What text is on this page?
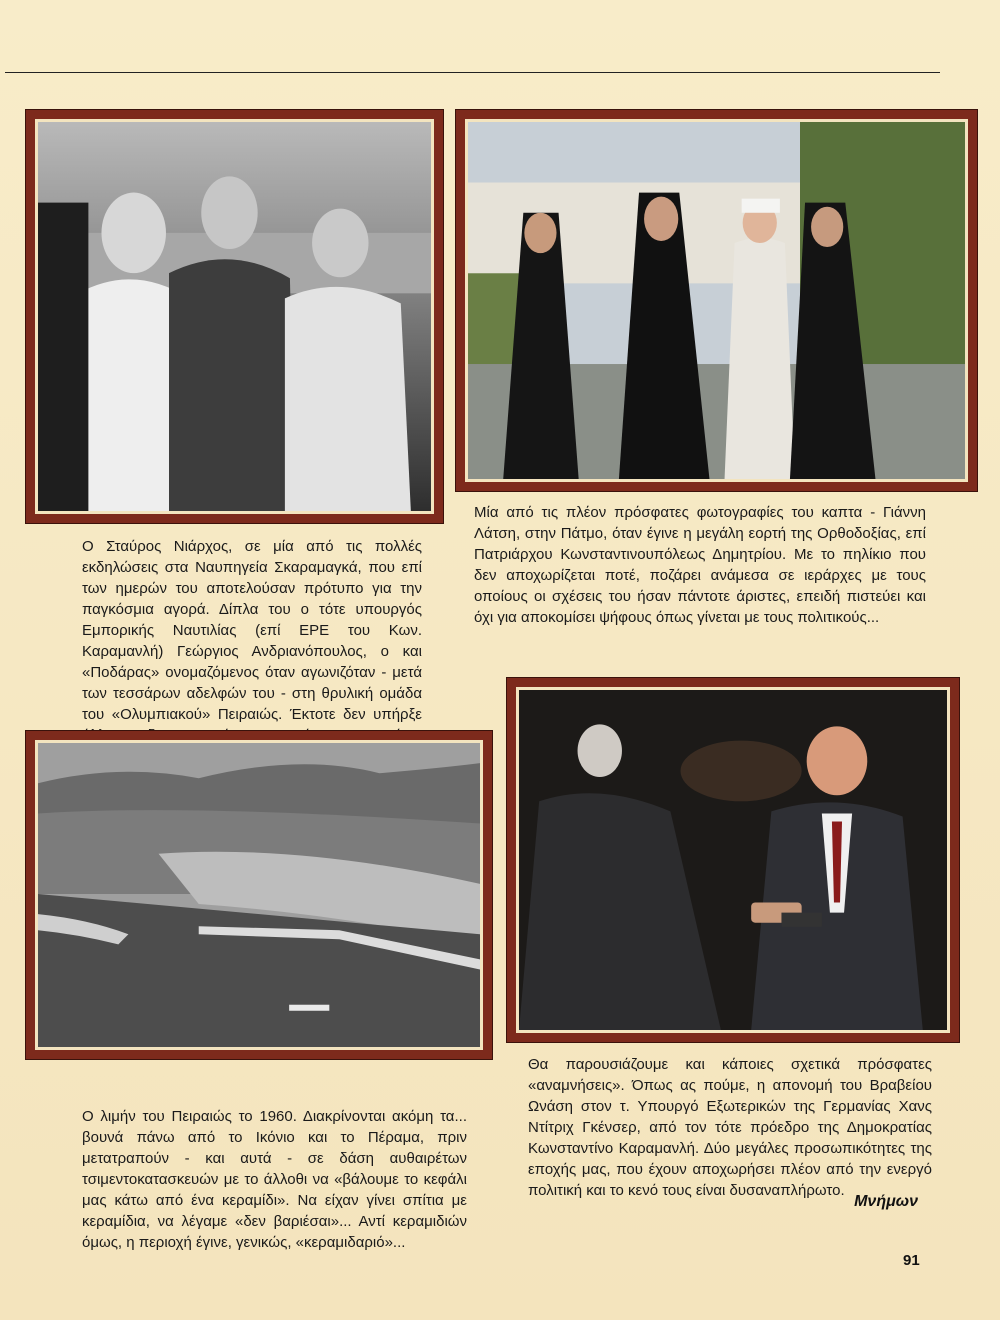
Ο Σταύρος Νιάρχος, σε μία από τις πολλές εκδηλώσεις στα Ναυπηγεία Σκαραμαγκά, που επί των ημερών του αποτελούσαν πρότυπο για την παγκόσμια αγορά. Δίπλα του ο τότε υπουργός Εμπορικής Ναυτιλίας (επί ΕΡΕ του Κων. Καραμανλή) Γεώργιος Ανδριανόπουλος, ο και «Ποδάρας» ονομαζόμενος όταν αγωνιζόταν - μετά των τεσσάρων αδελφών του - στη θρυλική ομάδα του «Ολυμπιακού» Πειραιώς. Έκτοτε δεν υπήρξε
Μία από τις πλέον πρόσφατες φωτογραφίες του καπτα - Γιάννη Λάτση, στην Πάτμο, όταν έγινε η μεγάλη εορτή της Ορθοδοξίας, επί Πατριάρχου Κωνσταντινουπόλεως Δημητρίου. Με το πηλίκιο που δεν αποχωρίζεται ποτέ, ποζάρει ανάμεσα σε ιεράρχες με τους οποίους οι σχέσεις του ήσαν πάντοτε άριστες, επειδή πιστεύει και όχι για αποκομίσει ψήφους όπως γίνεται με τους πολιτικούς...
Ο λιμήν του Πειραιώς το 1960. Διακρίνονται ακόμη τα... βουνά πάνω από το Ικόνιο και το Πέραμα, πριν μετατραπούν - και αυτά - σε δάση αυθαιρέτων τσιμεντοκατασκευών με το άλλοθι να «βάλουμε το κεφάλι μας κάτω από ένα κεραμίδι». Να είχαν γίνει σπίτια με κεραμίδια, να λέγαμε «δεν βαριέσαι»... Αντί κεραμιδιών όμως, η περιοχή έγινε, γενικώς, «κεραμιδαριό»...
Θα παρουσιάζουμε και κάποιες σχετικά πρόσφατες «αναμνήσεις». Όπως ας πούμε, η απονομή του Βραβείου Ωνάση στον τ. Υπουργό Εξωτερικών της Γερμανίας Χανς Ντίτριχ Γκένσερ, από τον τότε πρόεδρο της Δημοκρατίας Κωνσταντίνο Καραμανλή. Δύο μεγάλες προσωπικότητες της εποχής μας, που έχουν αποχωρήσει πλέον από την ενεργό πολιτική και το κενό τους είναι δυσαναπλήρωτο.
Μνήμων
91
